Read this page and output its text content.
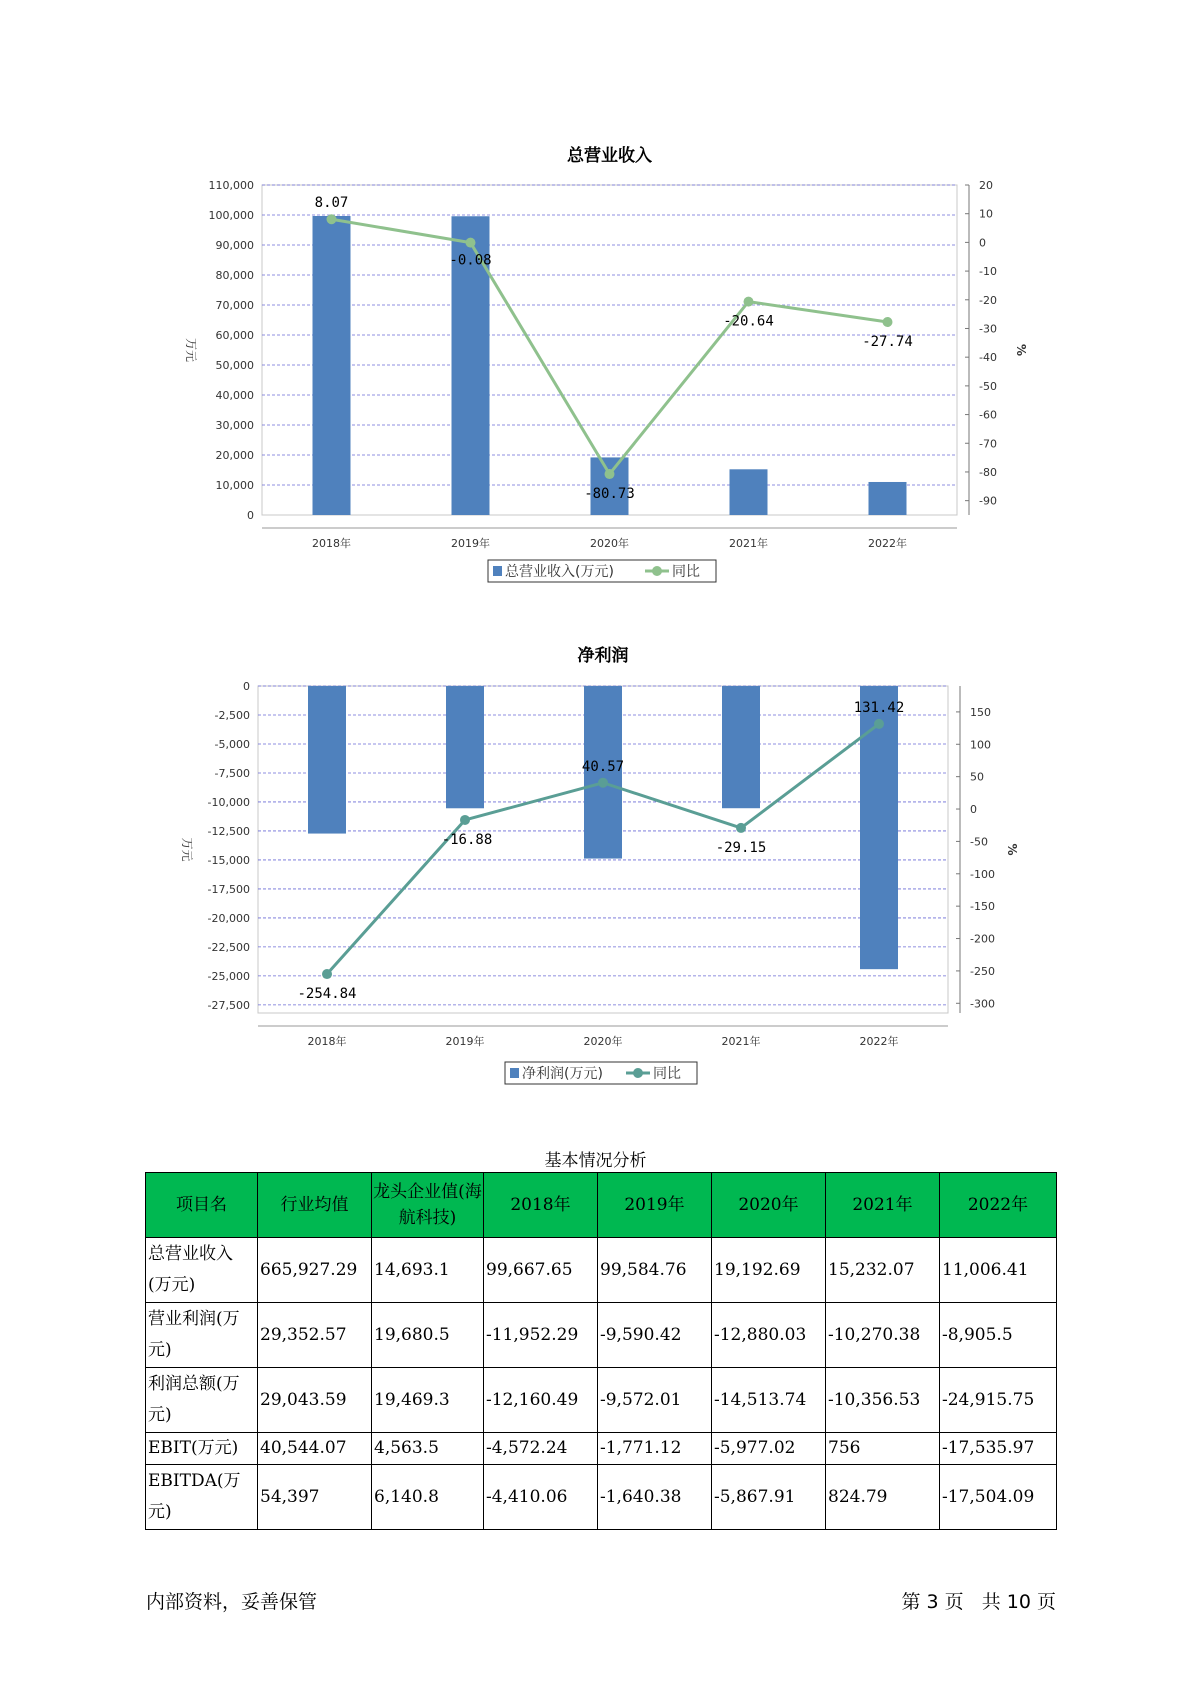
总营业收入
0
10,000
20,000
30,000
40,000
50,000
60,000
70,000
80,000
90,000
100,000
110,000	20
10
0
-10
-20
-30
-40
-50
-60
-70
-80
-90
万元	%
2018年	2019年	2020年	2021年	2022年
8.07
-0.08
-80.73
-20.64
-27.74
总营业收入(万元)	同比
净利润
0
-2,500
-5,000
-7,500
-10,000
-12,500
-15,000
-17,500
-20,000
-22,500
-25,000
-27,500
150
100
50
0
-50
-100
-150
-200
-250
-300
万元	%
2018年	2019年	2020年	2021年	2022年
-254.84
-16.88
40.57
-29.15
131.42
净利润(万元)	同比
基本情况分析
项目名	行业均值	龙头企业值(海航科技)	2018年	2019年	2020年	2021年	2022年
总营业收入(万元)	665,927.29	14,693.1	99,667.65	99,584.76	19,192.69	15,232.07	11,006.41
营业利润(万元)	29,352.57	19,680.5	-11,952.29	-9,590.42	-12,880.03	-10,270.38	-8,905.5
利润总额(万元)	29,043.59	19,469.3	-12,160.49	-9,572.01	-14,513.74	-10,356.53	-24,915.75
EBIT(万元)	40,544.07	4,563.5	-4,572.24	-1,771.12	-5,977.02	756	-17,535.97
EBITDA(万元)	54,397	6,140.8	-4,410.06	-1,640.38	-5,867.91	824.79	-17,504.09
内部资料，妥善保管	第 3 页   共 10 页
